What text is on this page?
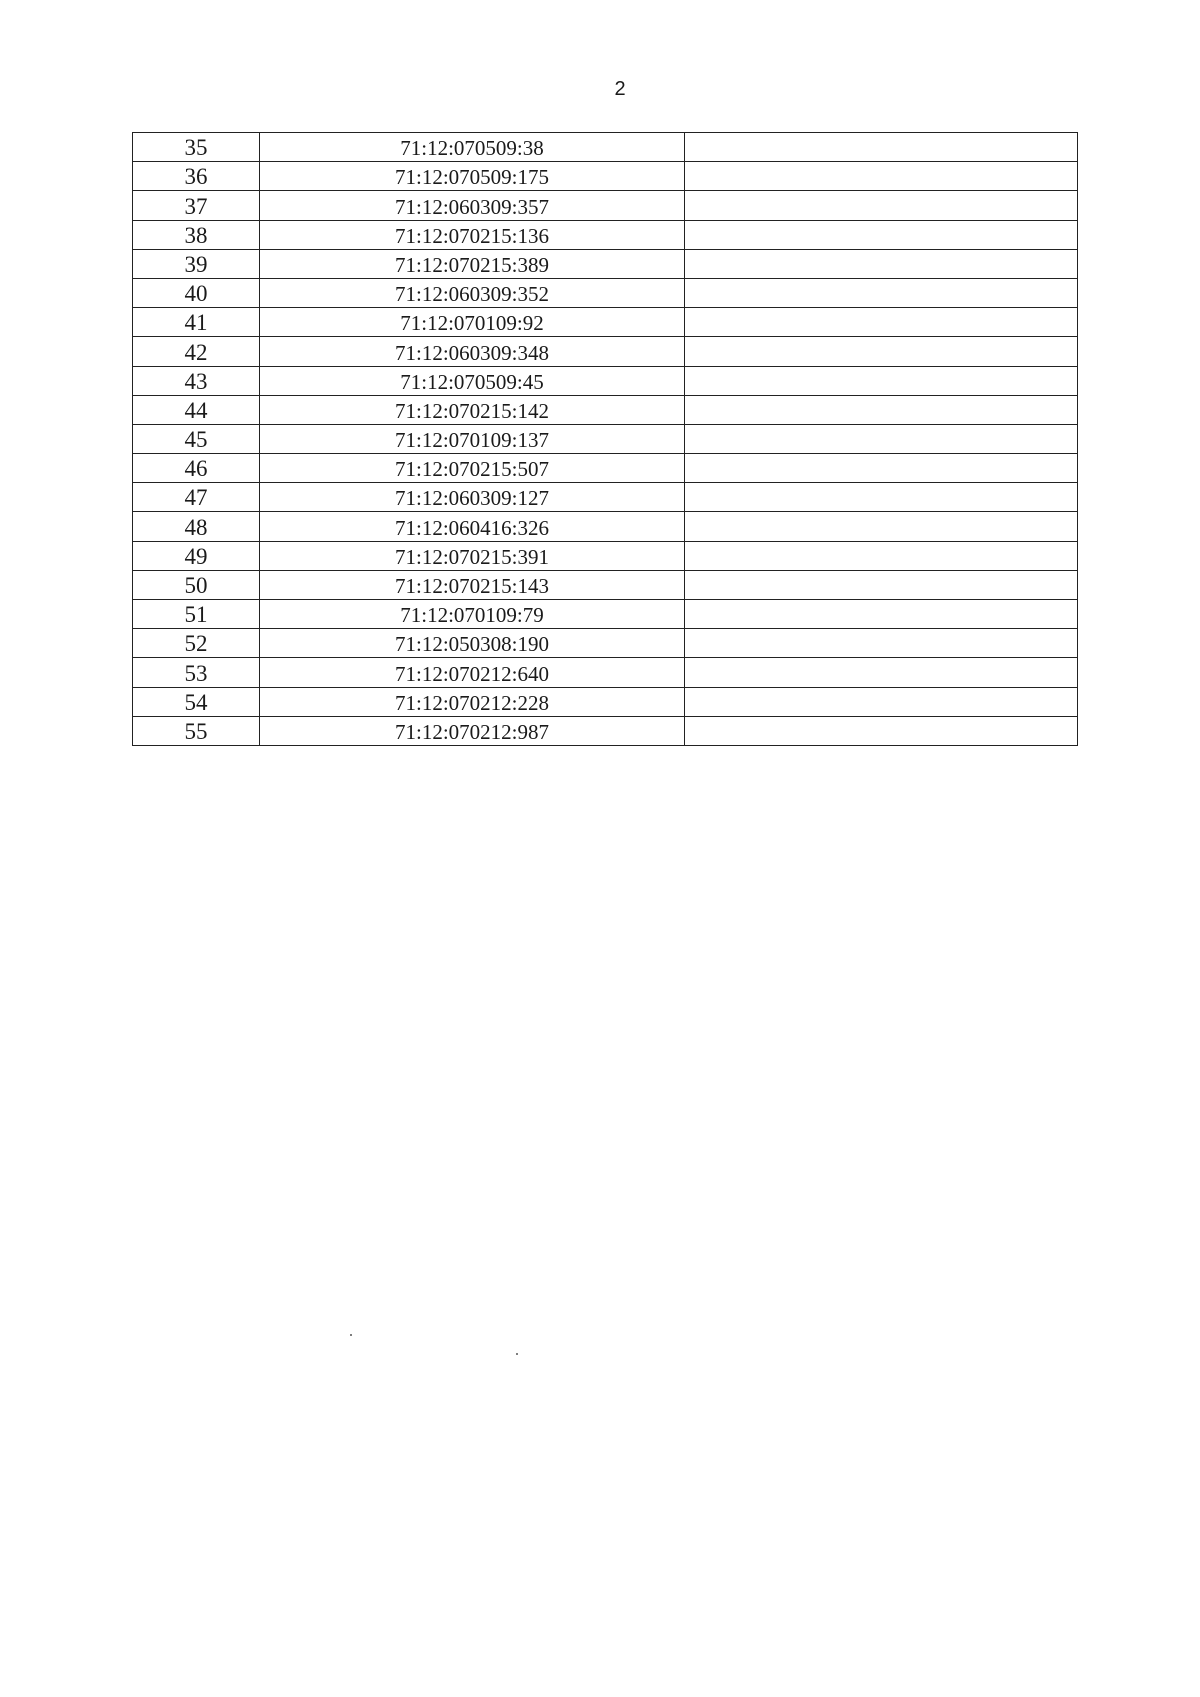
2
35	71:12:070509:38	
36	71:12:070509:175	
37	71:12:060309:357	
38	71:12:070215:136	
39	71:12:070215:389	
40	71:12:060309:352	
41	71:12:070109:92	
42	71:12:060309:348	
43	71:12:070509:45	
44	71:12:070215:142	
45	71:12:070109:137	
46	71:12:070215:507	
47	71:12:060309:127	
48	71:12:060416:326	
49	71:12:070215:391	
50	71:12:070215:143	
51	71:12:070109:79	
52	71:12:050308:190	
53	71:12:070212:640	
54	71:12:070212:228	
55	71:12:070212:987	
